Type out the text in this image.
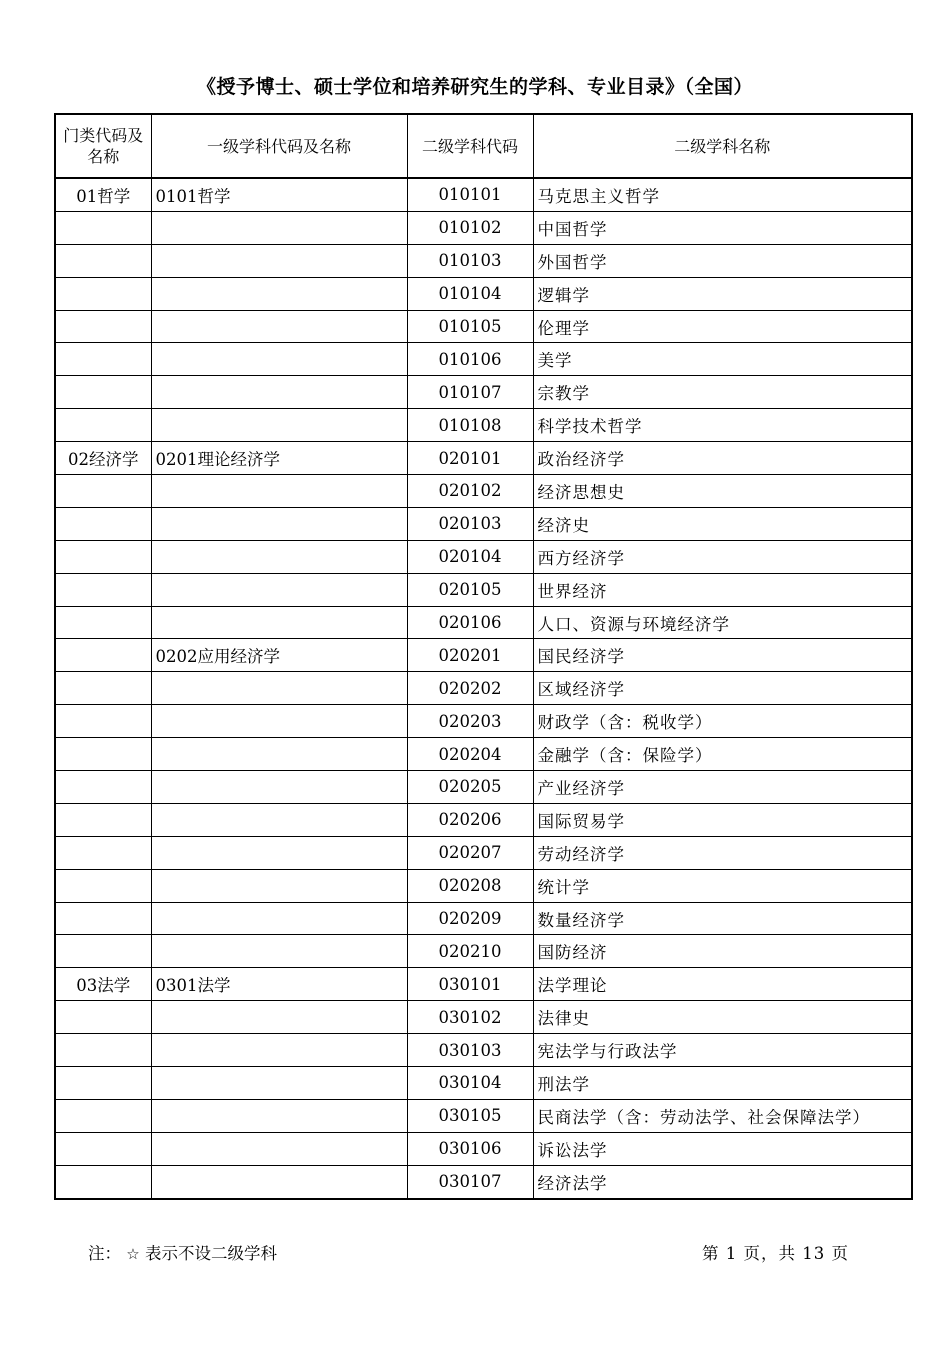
《授予博士、硕士学位和培养研究生的学科、专业目录》（全国）
门类代码及名称	一级学科代码及名称	二级学科代码	二级学科名称
01哲学	0101哲学	010101	马克思主义哲学
		010102	中国哲学
		010103	外国哲学
		010104	逻辑学
		010105	伦理学
		010106	美学
		010107	宗教学
		010108	科学技术哲学
02经济学	0201理论经济学	020101	政治经济学
		020102	经济思想史
		020103	经济史
		020104	西方经济学
		020105	世界经济
		020106	人口、资源与环境经济学
	0202应用经济学	020201	国民经济学
		020202	区域经济学
		020203	财政学（含：税收学）
		020204	金融学（含：保险学）
		020205	产业经济学
		020206	国际贸易学
		020207	劳动经济学
		020208	统计学
		020209	数量经济学
		020210	国防经济
03法学	0301法学	030101	法学理论
		030102	法律史
		030103	宪法学与行政法学
		030104	刑法学
		030105	民商法学（含：劳动法学、社会保障法学）
		030106	诉讼法学
		030107	经济法学
注： ☆ 表示不设二级学科	第 1 页，共 13 页
